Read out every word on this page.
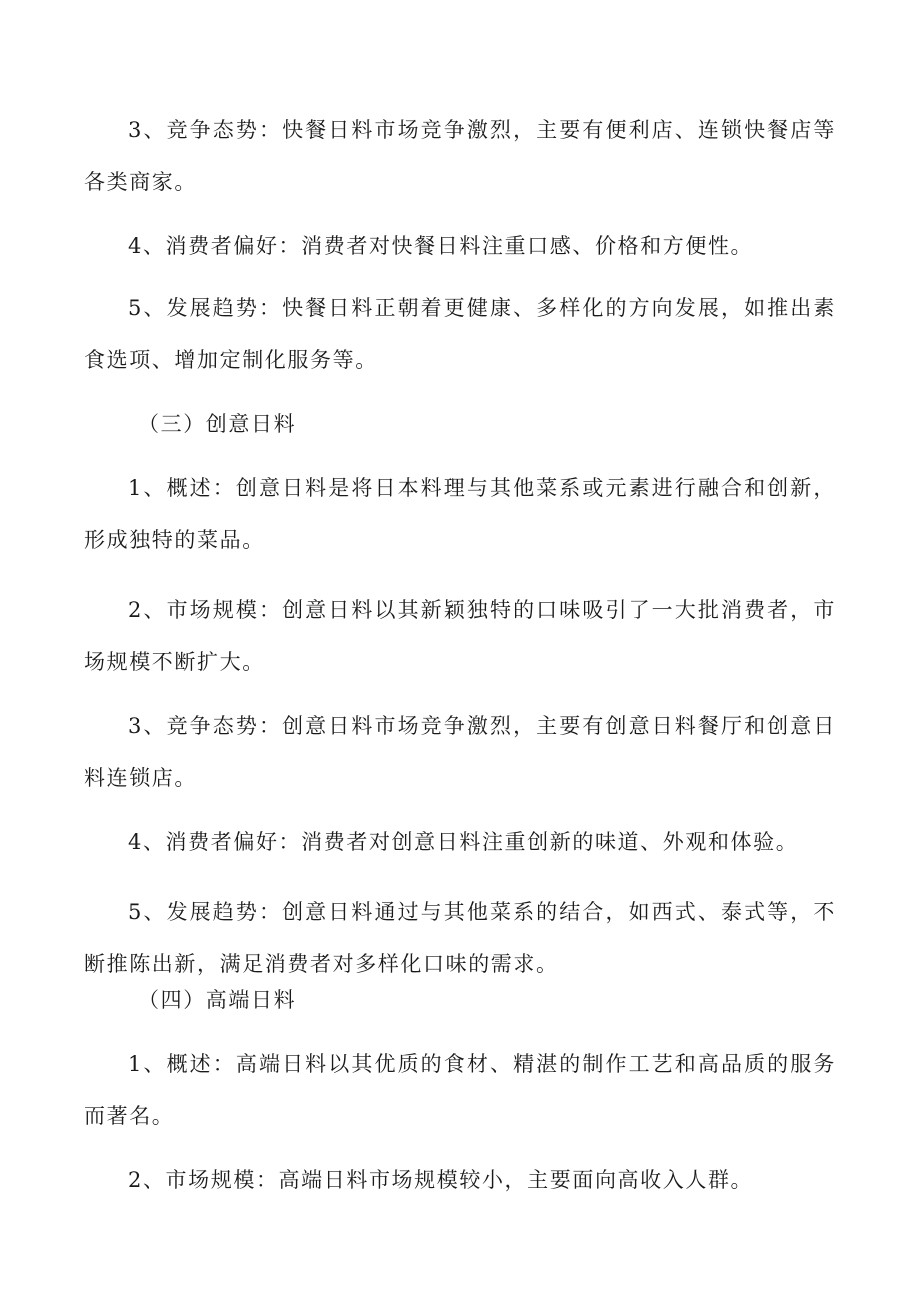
3、竞争态势：快餐日料市场竞争激烈，主要有便利店、连锁快餐店等各类商家。

4、消费者偏好：消费者对快餐日料注重口感、价格和方便性。

5、发展趋势：快餐日料正朝着更健康、多样化的方向发展，如推出素食选项、增加定制化服务等。

（三）创意日料

1、概述：创意日料是将日本料理与其他菜系或元素进行融合和创新，形成独特的菜品。

2、市场规模：创意日料以其新颖独特的口味吸引了一大批消费者，市场规模不断扩大。

3、竞争态势：创意日料市场竞争激烈，主要有创意日料餐厅和创意日料连锁店。

4、消费者偏好：消费者对创意日料注重创新的味道、外观和体验。

5、发展趋势：创意日料通过与其他菜系的结合，如西式、泰式等，不断推陈出新，满足消费者对多样化口味的需求。

（四）高端日料

1、概述：高端日料以其优质的食材、精湛的制作工艺和高品质的服务而著名。

2、市场规模：高端日料市场规模较小，主要面向高收入人群。
